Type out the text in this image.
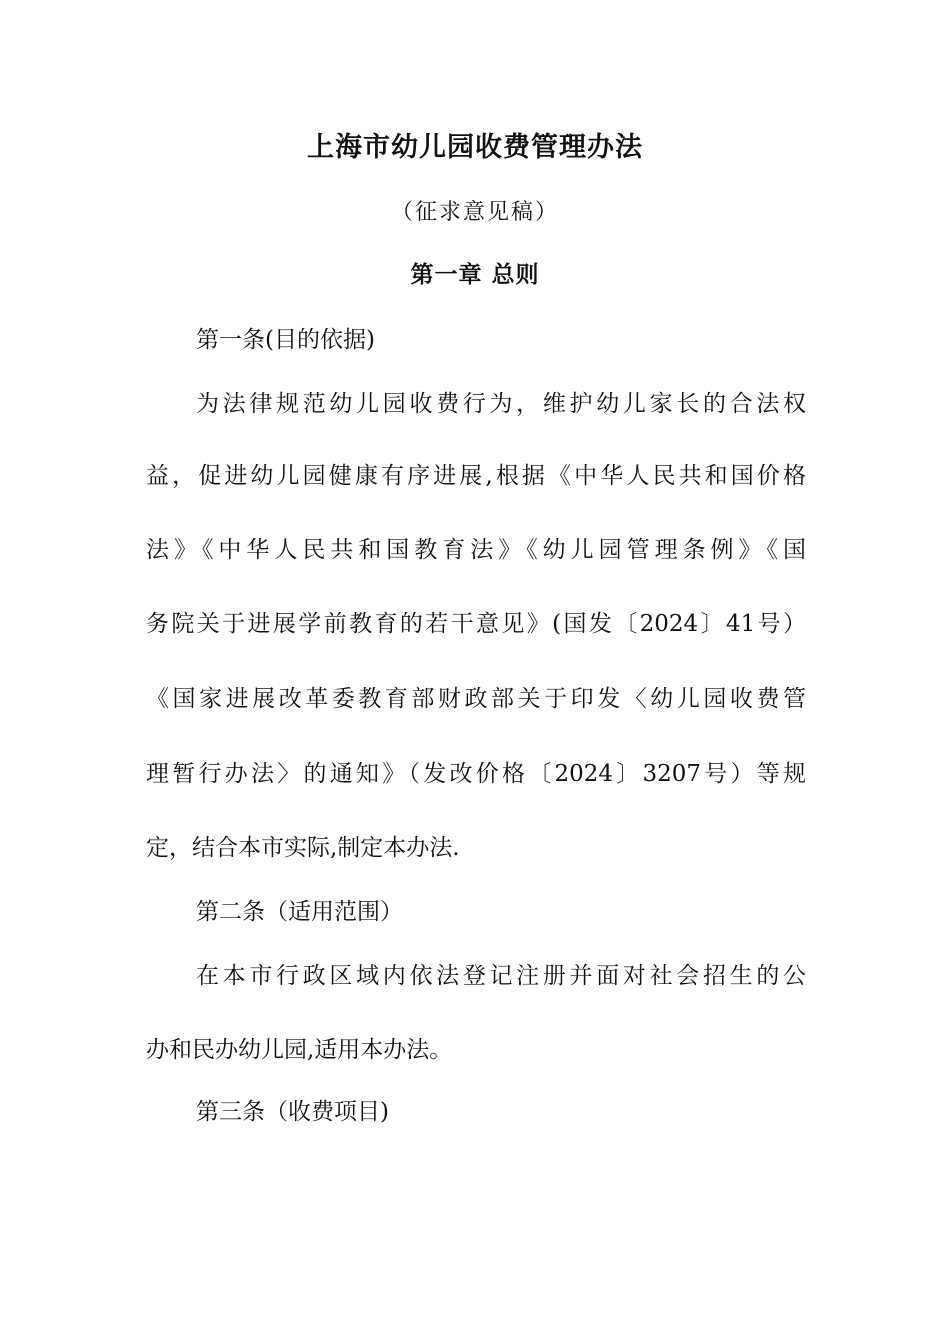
上海市幼儿园收费管理办法
（征求意见稿）
第一章 总则
第一条(目的依据)
为法律规范幼儿园收费行为，维护幼儿家长的合法权
益，促进幼儿园健康有序进展,根据《中华人民共和国价格
法》《中华人民共和国教育法》《幼儿园管理条例》《国
务院关于进展学前教育的若干意见》(国发〔2024〕41号）
《国家进展改革委教育部财政部关于印发〈幼儿园收费管
理暂行办法〉的通知》（发改价格〔2024〕3207号）等规
定，结合本市实际,制定本办法.
第二条（适用范围）
在本市行政区域内依法登记注册并面对社会招生的公
办和民办幼儿园,适用本办法。
第三条（收费项目)
